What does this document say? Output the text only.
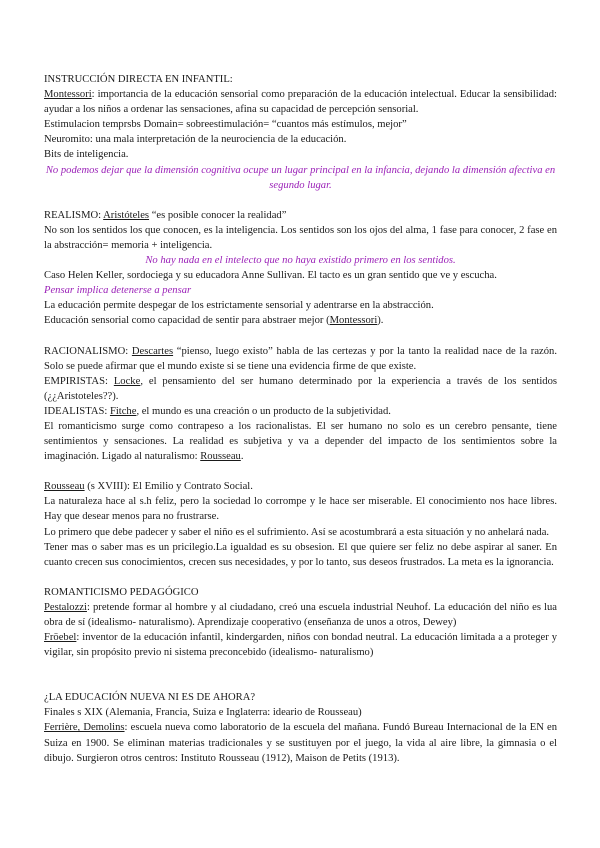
INSTRUCCIÓN DIRECTA EN INFANTIL:

Montessori: importancia de la educación sensorial como preparación de la educación intelectual. Educar la sensibilidad: ayudar a los niños a ordenar las sensaciones, afina su capacidad de percepción sensorial.

Estimulacion temprsbs Domain= sobreestimulación= “cuantos más estímulos, mejor”

Neuromito: una mala interpretación de la neurociencia de la educación.

Bits de inteligencia.

No podemos dejar que la dimensión cognitiva ocupe un lugar principal en la infancia, dejando la dimensión afectiva en segundo lugar.

REALISMO: Aristóteles “es posible conocer la realidad”

No son los sentidos los que conocen, es la inteligencia. Los sentidos son los ojos del alma, 1 fase para conocer, 2 fase en la abstracción= memoria + inteligencia.

No hay nada en el intelecto que no haya existido primero en los sentidos.

Caso Helen Keller, sordociega y su educadora Anne Sullivan. El tacto es un gran sentido que ve y escucha.

Pensar implica detenerse a pensar

La educación permite despegar de los estrictamente sensorial y adentrarse en la abstracción.

Educación sensorial como capacidad de sentir para abstraer mejor (Montessori).

RACIONALISMO: Descartes “pienso, luego existo” habla de las certezas y por la tanto la realidad nace de la razón. Solo se puede afirmar que el mundo existe si se tiene una evidencia firme de que existe.

EMPIRISTAS: Locke, el pensamiento del ser humano determinado por la experiencia a través de los sentidos (¿¿Aristoteles??).

IDEALISTAS: Fitche, el mundo es una creación o un producto de la subjetividad.

El romanticismo surge como contrapeso a los racionalistas. El ser humano no solo es un cerebro pensante, tiene sentimientos y sensaciones. La realidad es subjetiva y va a depender del impacto de los sentimientos sobre la imaginación. Ligado al naturalismo: Rousseau.

Rousseau (s XVIII): El Emilio y Contrato Social.

La naturaleza hace al s.h feliz, pero la sociedad lo corrompe y le hace ser miserable. El conocimiento nos hace libres. Hay que desear menos para no frustrarse.

Lo primero que debe padecer y saber el niño es el sufrimiento. Así se acostumbrará a esta situación y no anhelará nada.

Tener mas o saber mas es un pricilegio.La igualdad es su obsesion. El que quiere ser feliz no debe aspirar al saner. En cuanto crecen sus conocimientos, crecen sus necesidades, y por lo tanto, sus deseos frustrados. La meta es la ignorancia.

ROMANTICISMO PEDAGÓGICO

Pestalozzi: pretende formar al hombre y al ciudadano, creó una escuela industrial Neuhof. La educación del niño es lua obra de sí (idealismo- naturalismo). Aprendizaje cooperativo (enseñanza de unos a otros, Dewey)

Fröebel: inventor de la educación infantil, kindergarden, niños con bondad neutral. La educación limitada a a proteger y vigilar, sin propósito previo ni sistema preconcebido (idealismo- naturalismo)

¿LA EDUCACIÓN NUEVA NI ES DE AHORA?

Finales s XIX (Alemania, Francia, Suiza e Inglaterra: ideario de Rousseau)

Ferrière, Demolins: escuela nueva como laboratorio de la escuela del mañana. Fundó Bureau Internacional de la EN en Suiza en 1900. Se eliminan materias tradicionales y se sustituyen por el juego, la vida al aire libre, la gimnasia o el dibujo. Surgieron otros centros: Instituto Rousseau (1912), Maison de Petits (1913).
